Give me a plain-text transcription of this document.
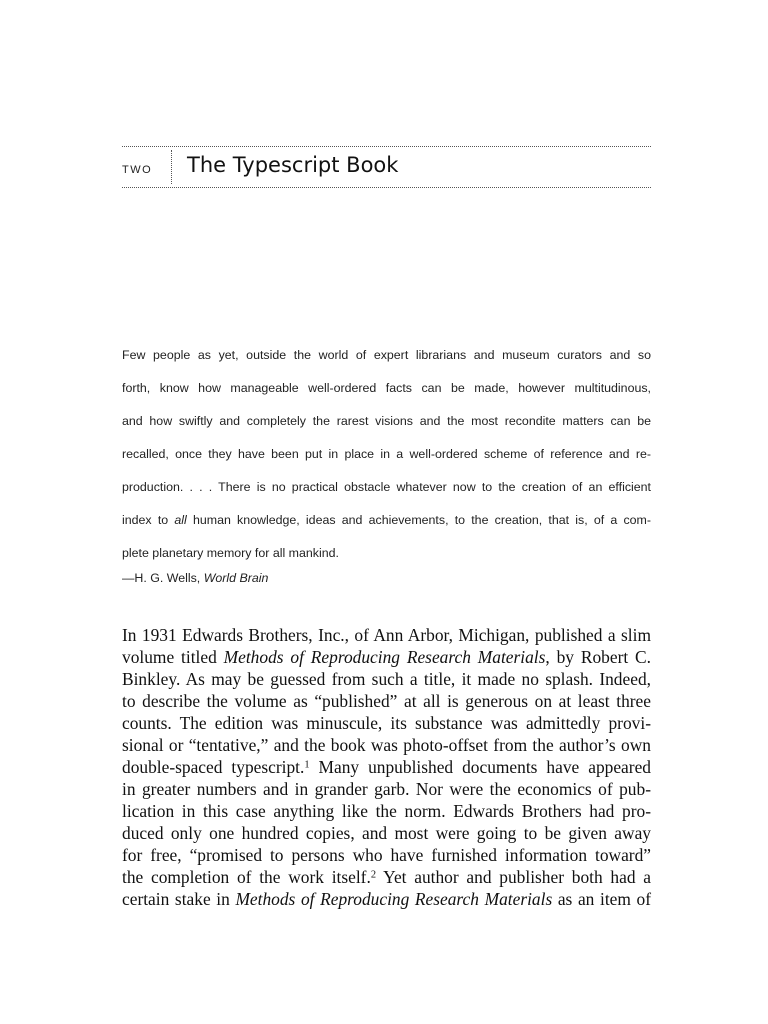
TWO The Typescript Book
Few people as yet, outside the world of expert librarians and museum curators and so
forth, know how manageable well-ordered facts can be made, however multitudinous,
and how swiftly and completely the rarest visions and the most recondite matters can be
recalled, once they have been put in place in a well-ordered scheme of reference and re-
production. . . . There is no practical obstacle whatever now to the creation of an efficient
index to all human knowledge, ideas and achievements, to the creation, that is, of a com-
plete planetary memory for all mankind.
—H. G. Wells, World Brain
In 1931 Edwards Brothers, Inc., of Ann Arbor, Michigan, published a slim
volume titled Methods of Reproducing Research Materials, by Robert C.
Binkley. As may be guessed from such a title, it made no splash. Indeed,
to describe the volume as “published” at all is generous on at least three
counts. The edition was minuscule, its substance was admittedly provi-
sional or “tentative,” and the book was photo-offset from the author’s own
double-spaced typescript.$^1$ Many unpublished documents have appeared
in greater numbers and in grander garb. Nor were the economics of pub-
lication in this case anything like the norm. Edwards Brothers had pro-
duced only one hundred copies, and most were going to be given away
for free, “promised to persons who have furnished information toward”
the completion of the work itself.$^2$ Yet author and publisher both had a
certain stake in Methods of Reproducing Research Materials as an item of
